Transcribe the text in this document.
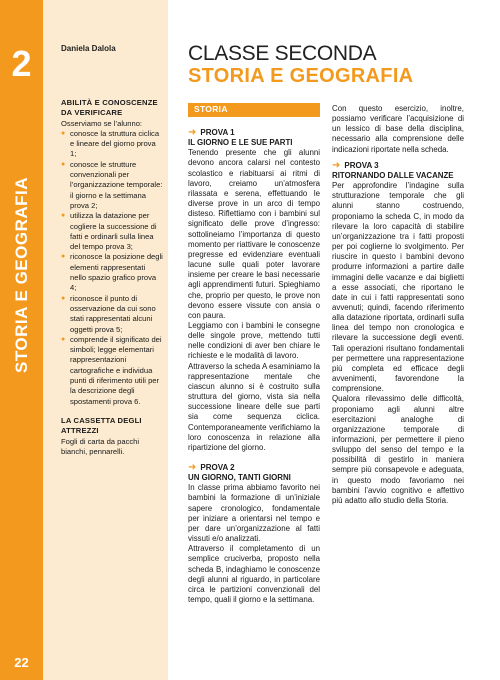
2
STORIA E GEOGRAFIA
22
Daniela Dalola
ABILITÀ E CONOSCENZE DA VERIFICARE
Osserviamo se l’alunno:
● conosce la struttura ciclica e lineare del giorno prova 1;
● conosce le strutture convenzionali per l’organizzazione temporale: il giorno e la settimana prova 2;
● utilizza la datazione per cogliere la successione di fatti e ordinarli sulla linea del tempo prova 3;
● riconosce la posizione degli elementi rappresentati nello spazio grafico prova 4;
● riconosce il punto di osservazione da cui sono stati rappresentati alcuni oggetti prova 5;
● comprende il significato dei simboli; legge elementari rappresentazioni cartografiche e individua punti di riferimento utili per la descrizione degli spostamenti prova 6.
LA CASSETTA DEGLI ATTREZZI
Fogli di carta da pacchi bianchi, pennarelli.
CLASSE SECONDA
STORIA E GEOGRAFIA
STORIA
➜ PROVA 1
IL GIORNO E LE SUE PARTI

Tenendo presente che gli alunni devono ancora calarsi nel contesto scolastico e riabituarsi ai ritmi di lavoro, creiamo un’atmosfera rilassata e serena, effettuando le diverse prove in un arco di tempo disteso. Riflettiamo con i bambini sul significato delle prove d’ingresso: sottolineiamo l’importanza di questo momento per riattivare le conoscenze pregresse ed evidenziare eventuali lacune sulle quali poter lavorare insieme per creare le basi necessarie agli apprendimenti futuri. Spieghiamo che, proprio per questo, le prove non devono essere vissute con ansia o con paura.

Leggiamo con i bambini le consegne delle singole prove, mettendo tutti nelle condizioni di aver ben chiare le richieste e le modalità di lavoro.

Attraverso la scheda A esaminiamo la rappresentazione mentale che ciascun alunno si è costruito sulla struttura del giorno, vista sia nella successione lineare delle sue parti sia come sequenza ciclica. Contemporaneamente verifichiamo la loro conoscenza in relazione alla ripartizione del giorno.

➜ PROVA 2
UN GIORNO, TANTI GIORNI

In classe prima abbiamo favorito nei bambini la formazione di un’iniziale sapere cronologico, fondamentale per iniziare a orientarsi nel tempo e per dare un’organizzazione al fatti vissuti e/o analizzati.

Attraverso il completamento di un semplice cruciverba, proposto nella scheda B, indaghiamo le conoscenze degli alunni al riguardo, in particolare circa le partizioni convenzionali del tempo, quali il giorno e la settimana.

Con questo esercizio, inoltre, possiamo verificare l’acquisizione di un lessico di base della disciplina, necessario alla comprensione delle indicazioni riportate nella scheda.

➜ PROVA 3
RITORNANDO DALLE VACANZE

Per approfondire l’indagine sulla strutturazione temporale che gli alunni stanno costruendo, proponiamo la scheda C, in modo da rilevare la loro capacità di stabilire un’organizzazione tra i fatti proposti per poi coglierne lo svolgimento. Per riuscire in questo i bambini devono produrre informazioni a partire dalle immagini delle vacanze e dai biglietti a esse associati, che riportano le date in cui i fatti rappresentati sono avvenuti; quindi, facendo riferimento alla datazione riportata, ordinarli sulla linea del tempo non cronologica e rilevare la successione degli eventi. Tali operazioni risultano fondamentali per permettere una rappresentazione più completa ed efficace degli avvenimenti, favorendone la comprensione.

Qualora rilevassimo delle difficoltà, proponiamo agli alunni altre esercitazioni analoghe di organizzazione temporale di informazioni, per permettere il pieno sviluppo del senso del tempo e la possibilità di gestirlo in maniera sempre più consapevole e adeguata, in questo modo favoriamo nei bambini l’avvio cognitivo e affettivo più adatto allo studio della Storia.
